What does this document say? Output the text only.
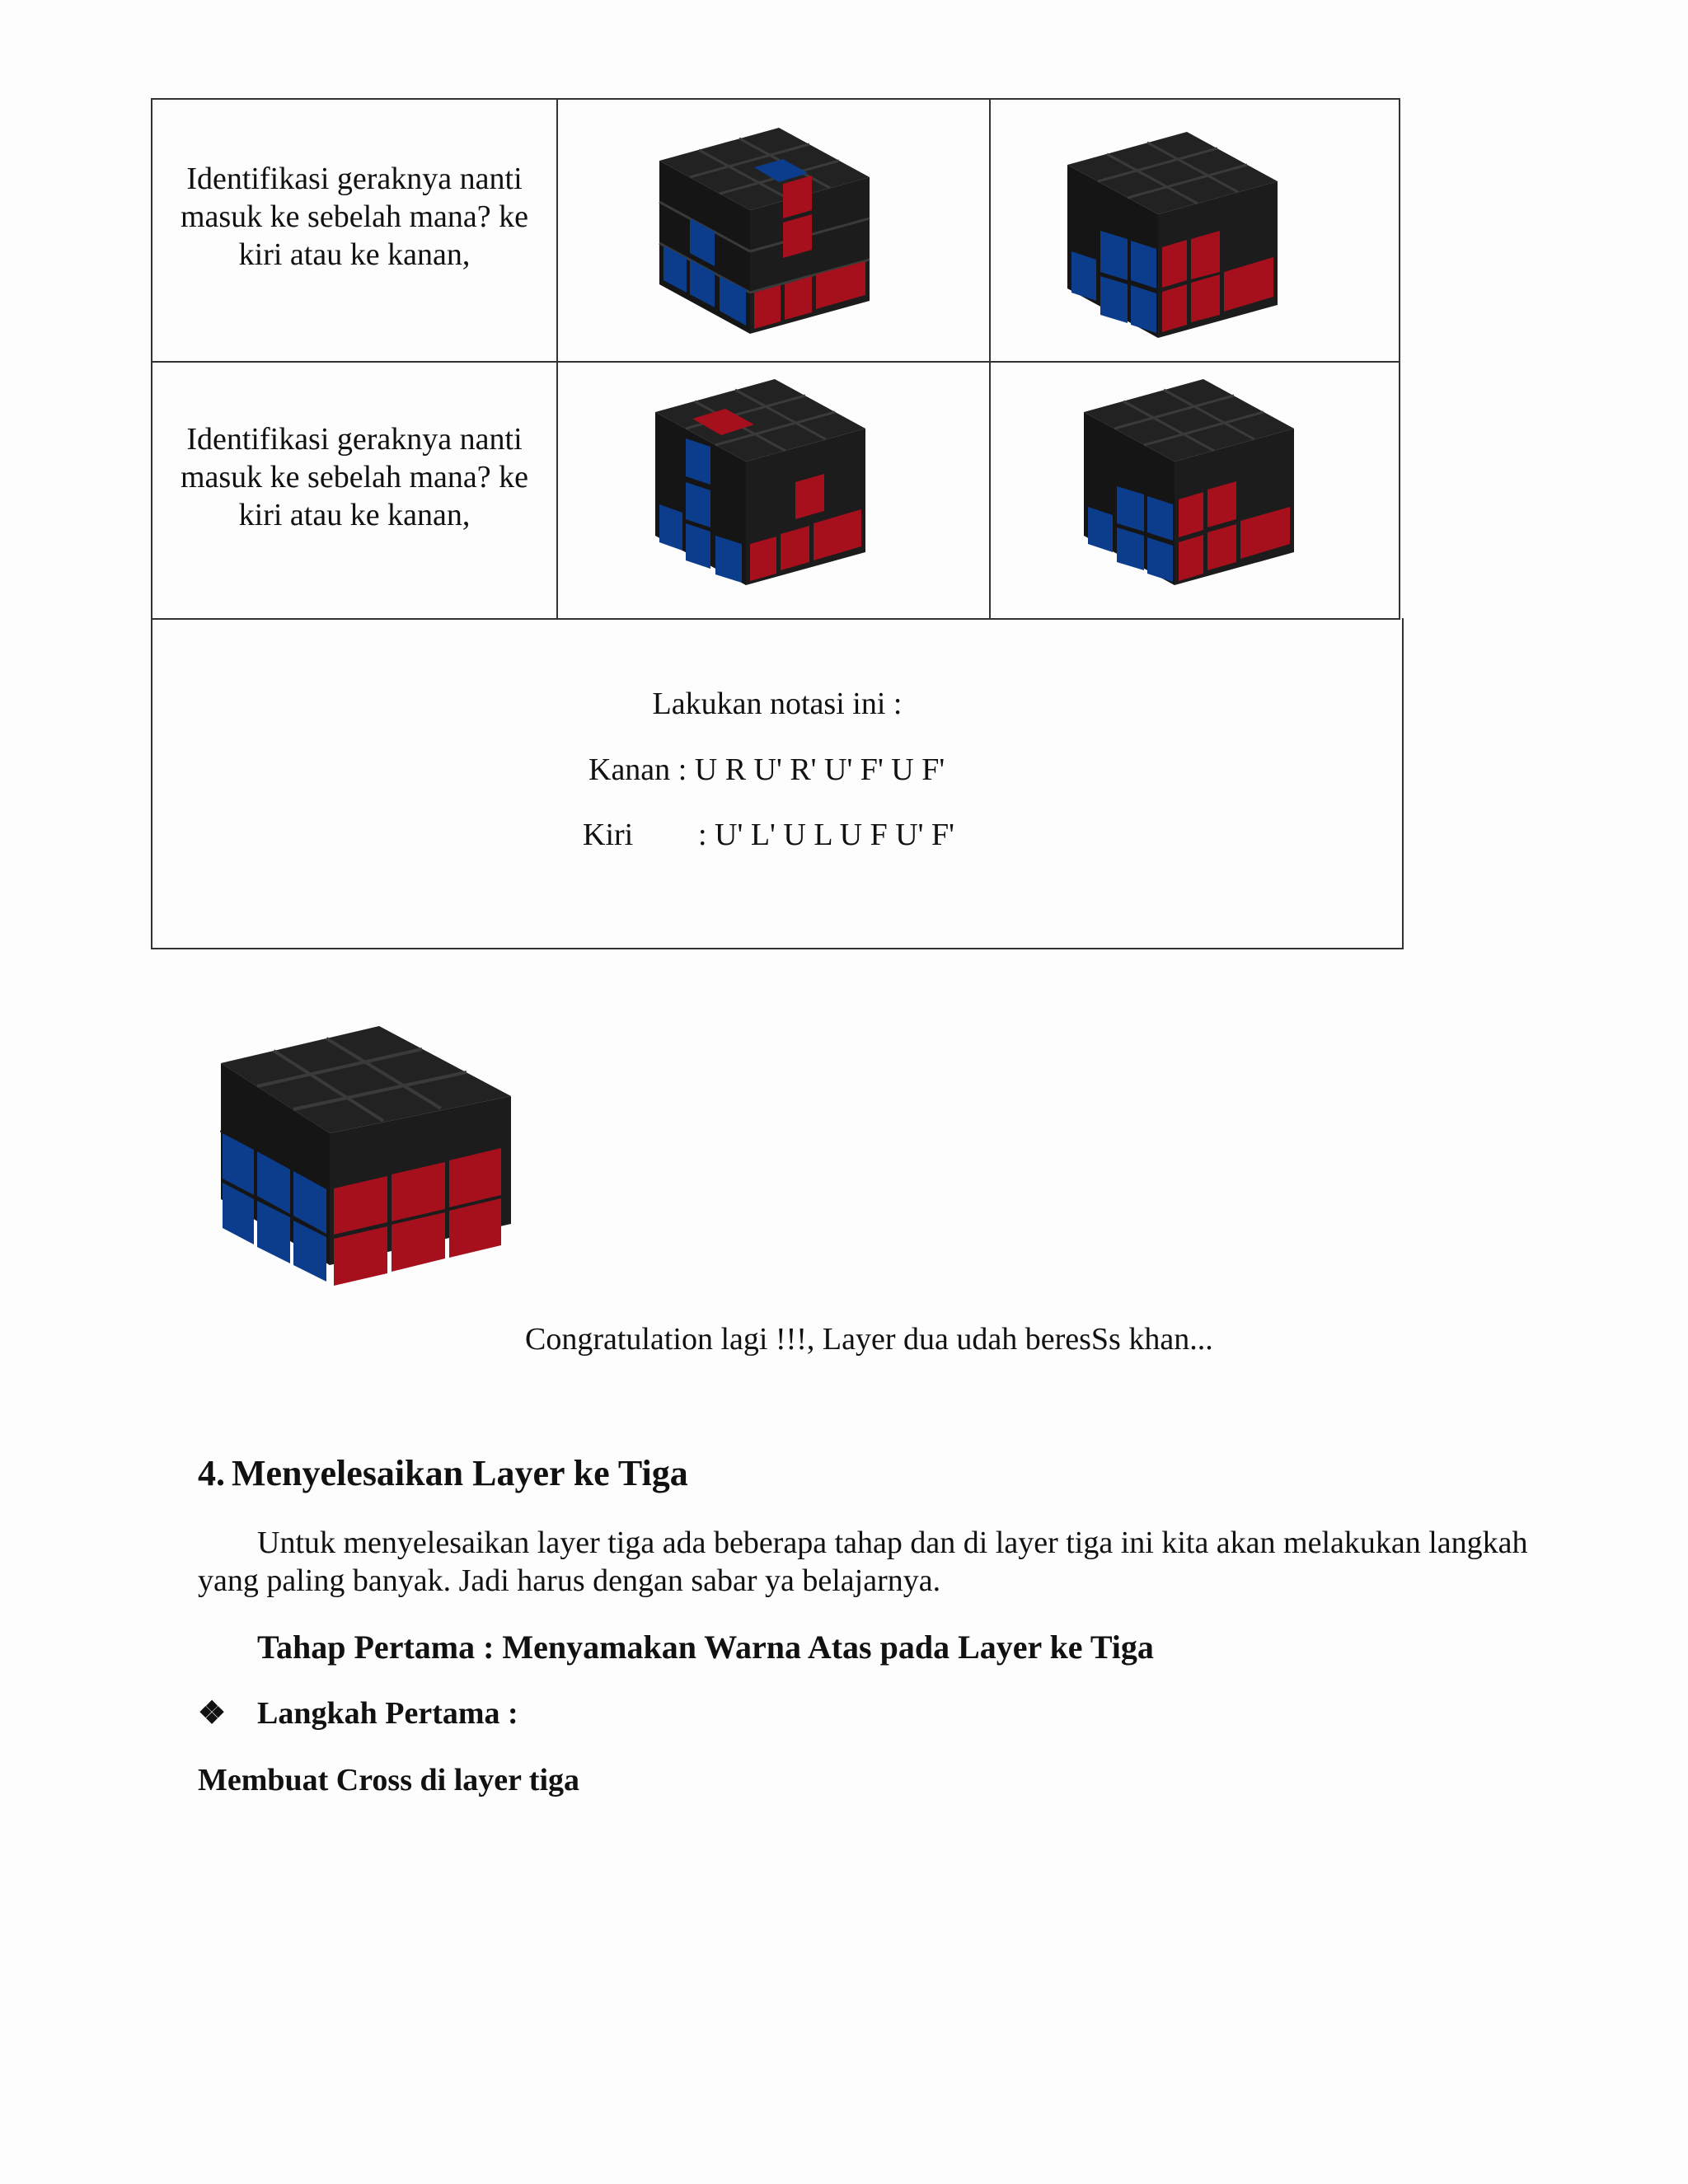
Identifikasi geraknya nanti masuk ke sebelah mana? ke kiri atau ke kanan,
Identifikasi geraknya nanti masuk ke sebelah mana? ke kiri atau ke kanan,
Lakukan notasi ini :
Kanan : U R U' R' U' F' U F'
Kiri : U' L' U L U F U' F'
Congratulation lagi !!!, Layer dua udah beresSs khan...
4. Menyelesaikan Layer ke Tiga
Untuk menyelesaikan layer tiga ada beberapa tahap dan di layer tiga ini kita akan melakukan langkah yang paling banyak. Jadi harus dengan sabar ya belajarnya.
Tahap Pertama : Menyamakan Warna Atas pada Layer ke Tiga
❖ Langkah Pertama :
Membuat Cross di layer tiga
